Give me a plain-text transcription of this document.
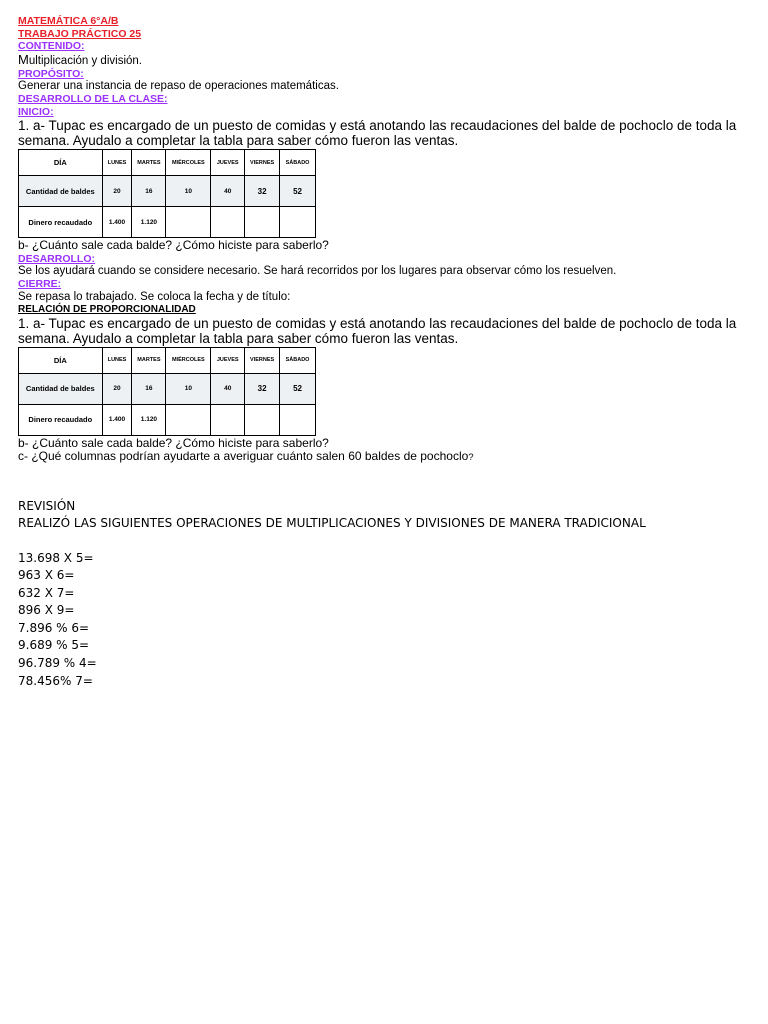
MATEMÁTICA 6°A/B
TRABAJO PRÁCTICO 25
CONTENIDO:
Multiplicación y división.
PROPÓSITO:
Generar una instancia de repaso de operaciones matemáticas.
DESARROLLO DE LA CLASE:
INICIO:
1. a- Tupac es encargado de un puesto de comidas y está anotando las recaudaciones del balde de pochoclo de toda la semana. Ayudalo a completar la tabla para saber cómo fueron las ventas.
DÍA	LUNES	MARTES	MIÉRCOLES	JUEVES	VIERNES	SÁBADO
Cantidad de baldes	20	16	10	40	32	52
Dinero recaudado	1.400	1.120				
b- ¿Cuánto sale cada balde? ¿Cómo hiciste para saberlo?
DESARROLLO:
Se los ayudará cuando se considere necesario. Se hará recorridos por los lugares para observar cómo los resuelven.
CIERRE:
Se repasa lo trabajado. Se coloca la fecha y de título:
RELACIÓN DE PROPORCIONALIDAD
1. a- Tupac es encargado de un puesto de comidas y está anotando las recaudaciones del balde de pochoclo de toda la semana. Ayudalo a completar la tabla para saber cómo fueron las ventas.
DÍA	LUNES	MARTES	MIÉRCOLES	JUEVES	VIERNES	SÁBADO
Cantidad de baldes	20	16	10	40	32	52
Dinero recaudado	1.400	1.120				
b- ¿Cuánto sale cada balde? ¿Cómo hiciste para saberlo?
c- ¿Qué columnas podrían ayudarte a averiguar cuánto salen 60 baldes de pochoclo?
REVISIÓN
REALIZÓ LAS SIGUIENTES OPERACIONES DE MULTIPLICACIONES Y DIVISIONES DE MANERA TRADICIONAL
13.698 X 5=
963 X 6=
632 X 7=
896 X 9=
7.896 % 6=
9.689 % 5=
96.789 % 4=
78.456% 7=
